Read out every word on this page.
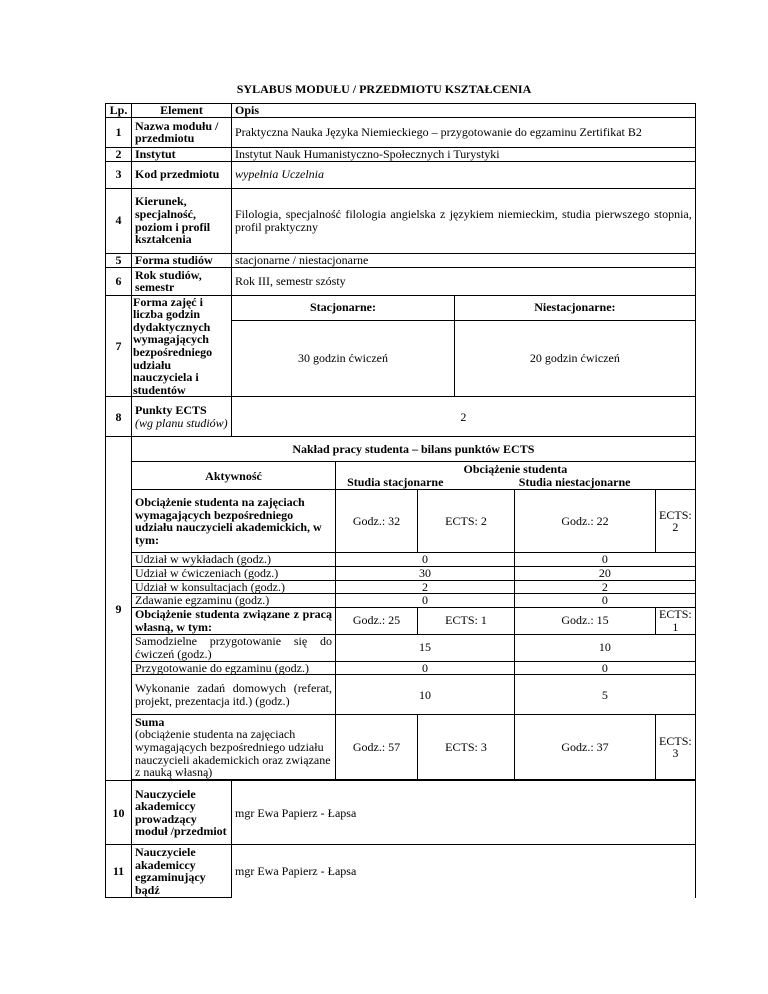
SYLABUS MODUŁU / PRZEDMIOTU KSZTAŁCENIA
Lp.	Element	Opis					
1	Nazwa modułu / przedmiotu	Praktyczna Nauka Języka Niemieckiego – przygotowanie do egzaminu Zertifikat B2					
2	Instytut	Instytut Nauk Humanistyczno-Społecznych i Turystyki					
3	Kod przedmiotu	wypełnia Uczelnia					
4	Kierunek, specjalność, poziom i profil kształcenia	Filologia, specjalność filologia angielska z językiem niemieckim, studia pierwszego stopnia, profil praktyczny					
5	Forma studiów	stacjonarne / niestacjonarne					
6	Rok studiów, semestr	Rok III, semestr szósty					
7	Forma zajęć i liczba godzin dydaktycznych wymagających bezpośredniego udziału nauczyciela i studentów	Stacjonarne:			Niestacjonarne:		
		30 godzin ćwiczeń			20 godzin ćwiczeń		
8	Punkty ECTS
(wg planu studiów)	2					
9	Nakład pracy studenta – bilans punktów ECTS						
	Aktywność		Obciążenie studenta				
			Studia stacjonarne		Studia niestacjonarne		
	Obciążenie studenta na zajęciach wymagających bezpośredniego udziału nauczycieli akademickich, w tym:		Godz.: 32	ECTS: 2		Godz.: 22	ECTS: 2
	Udział w wykładach (godz.)		0			0	
	Udział w ćwiczeniach (godz.)		30			20	
	Udział w konsultacjach (godz.)		2			2	
	Zdawanie egzaminu (godz.)		0			0	
	Obciążenie studenta związane z pracą własną, w tym:		Godz.: 25	ECTS: 1		Godz.: 15	ECTS: 1
	Samodzielne przygotowanie się do ćwiczeń (godz.)		15			10	
	Przygotowanie do egzaminu (godz.)		0			0	
	Wykonanie zadań domowych (referat, projekt, prezentacja itd.) (godz.)		10			5	
	Suma
(obciążenie studenta na zajęciach wymagających bezpośredniego udziału nauczycieli akademickich oraz związane z nauką własną)		Godz.: 57	ECTS: 3		Godz.: 37	ECTS: 3

10	Nauczyciele akademiccy prowadzący moduł /przedmiot	mgr Ewa Papierz - Łapsa					
11	Nauczyciele akademiccy egzaminujący bądź	mgr Ewa Papierz - Łapsa					
